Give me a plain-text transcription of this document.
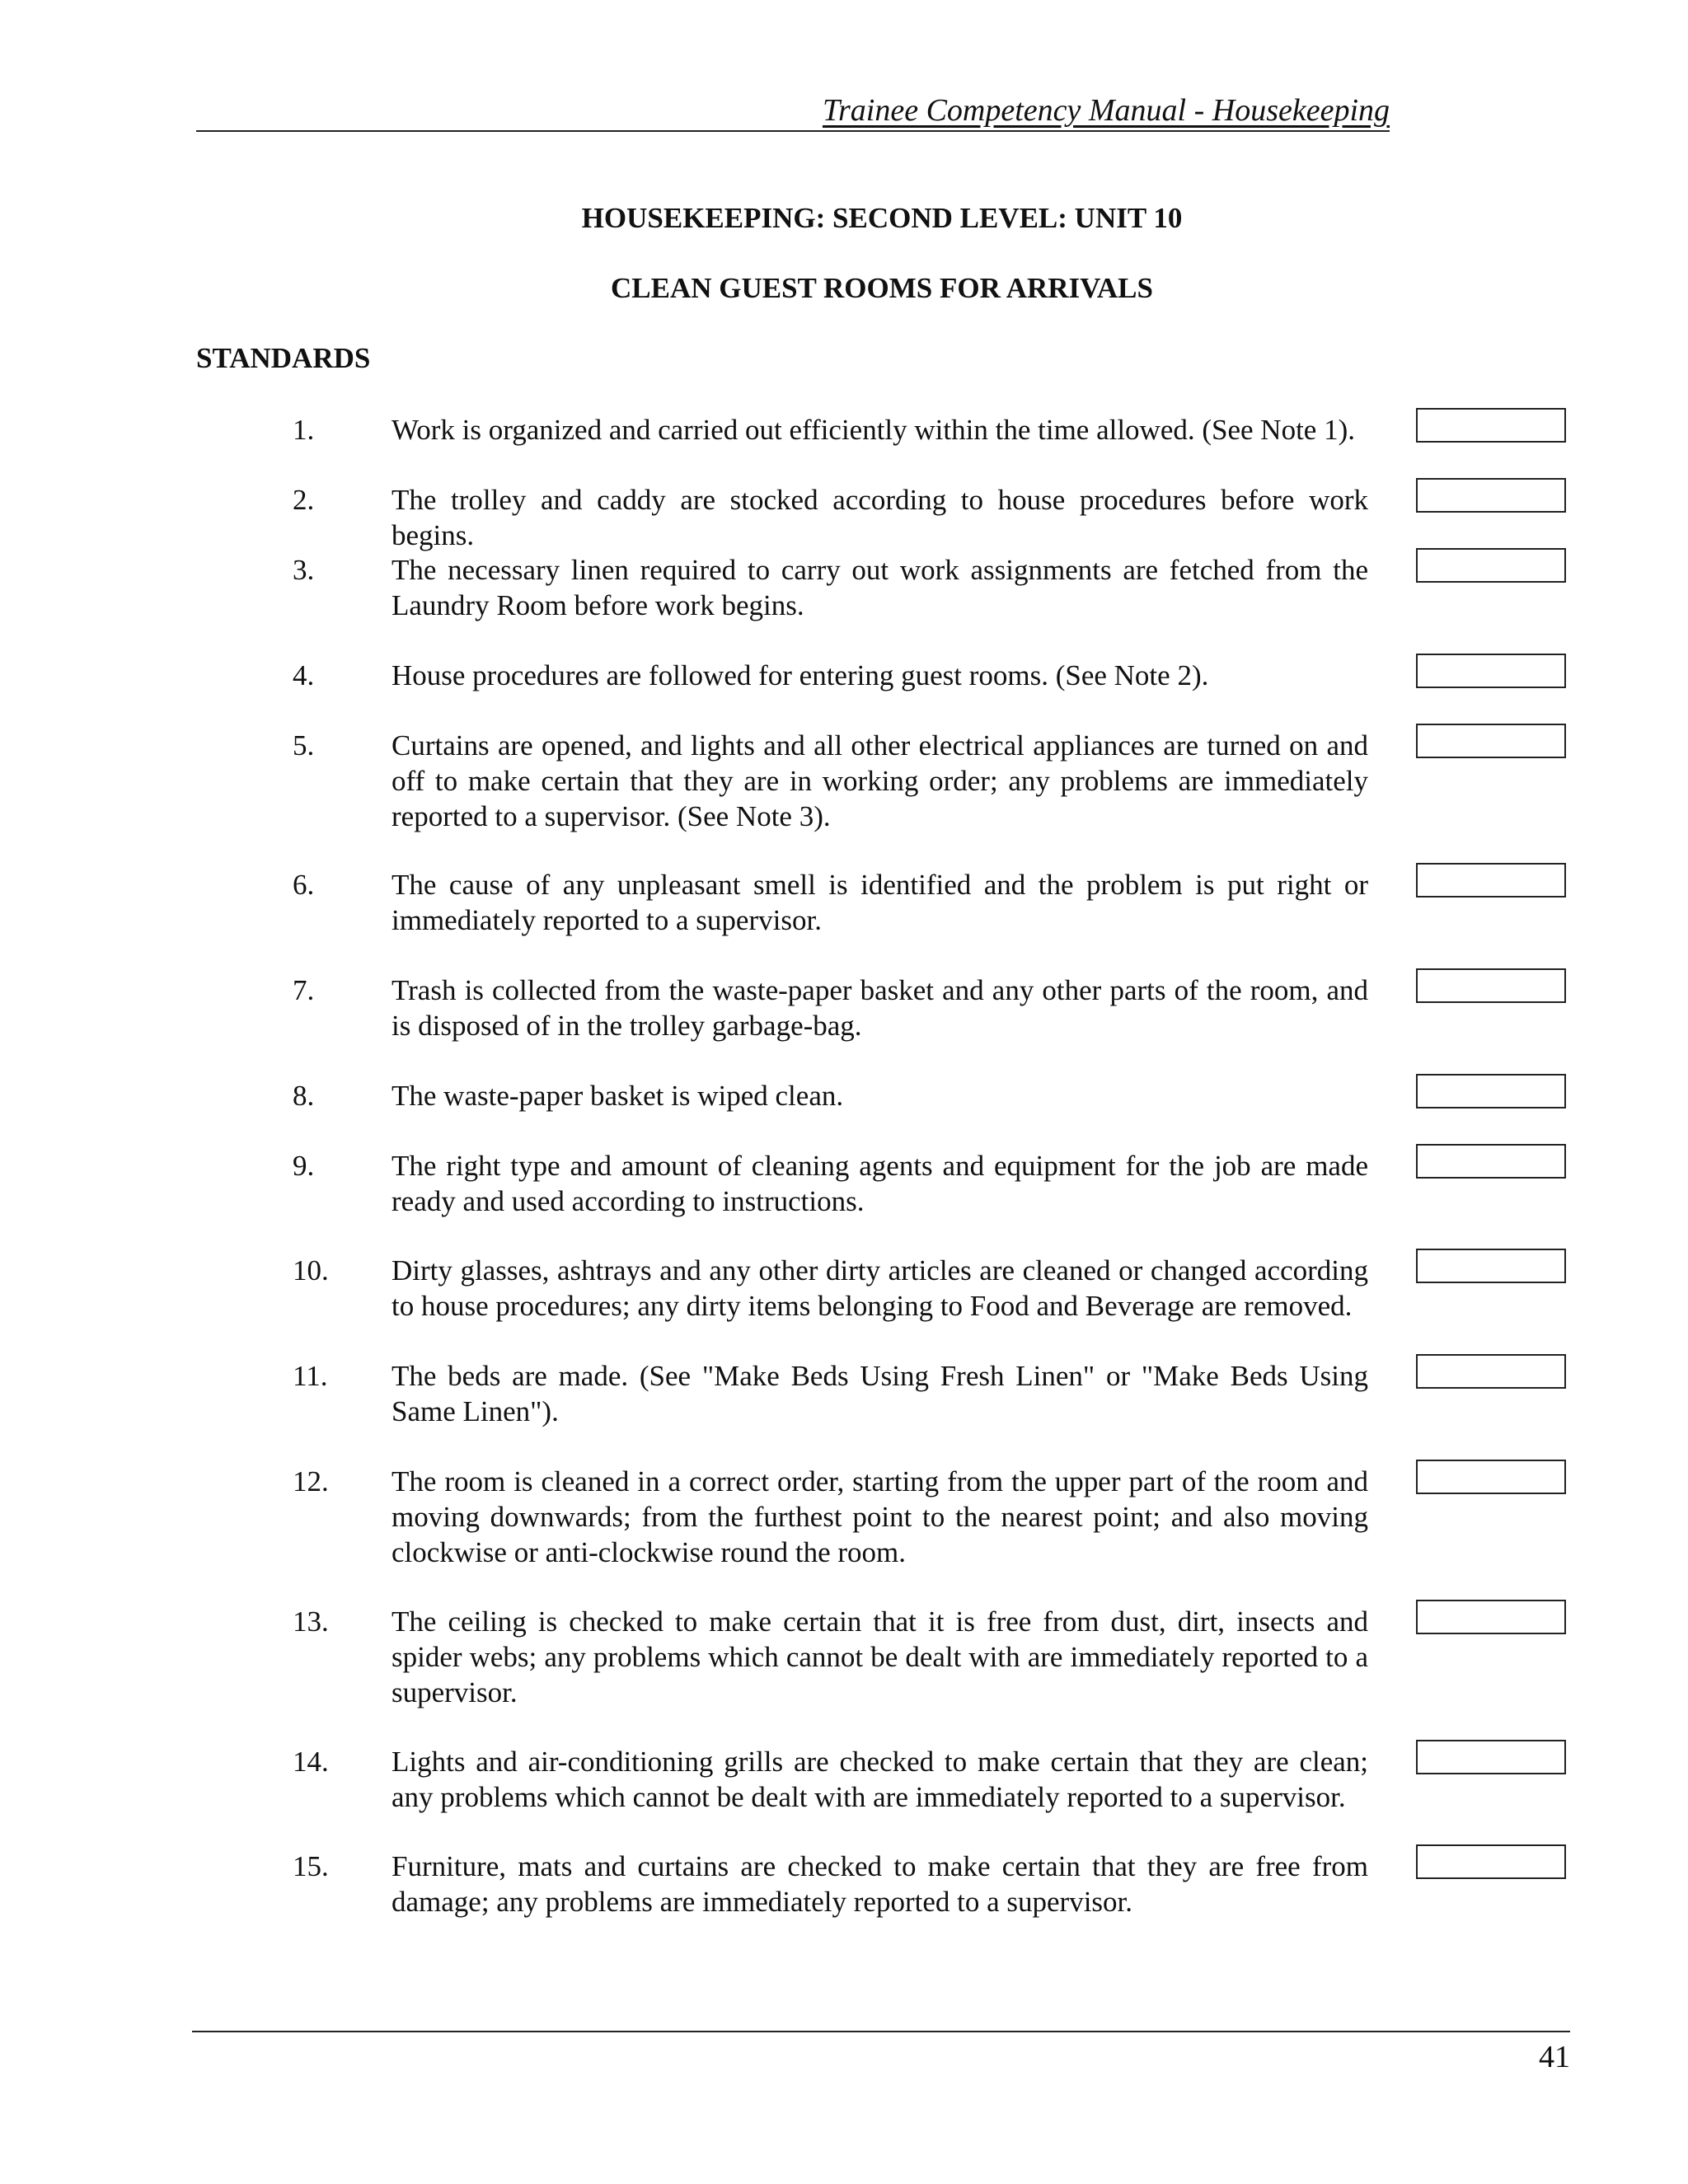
Trainee Competency Manual - Housekeeping
HOUSEKEEPING: SECOND LEVEL: UNIT 10
CLEAN GUEST ROOMS FOR ARRIVALS
STANDARDS
1.	Work is organized and carried out efficiently within the time allowed. (See Note 1).
2.	The trolley and caddy are stocked according to house procedures before work begins.
3.	The necessary linen required to carry out work assignments are fetched from the Laundry Room before work begins.
4.	House procedures are followed for entering guest rooms. (See Note 2).
5.	Curtains are opened, and lights and all other electrical appliances are turned on and off to make certain that they are in working order; any problems are immediately reported to a supervisor. (See Note 3).
6.	The cause of any unpleasant smell is identified and the problem is put right or immediately reported to a supervisor.
7.	Trash is collected from the waste-paper basket and any other parts of the room, and is disposed of in the trolley garbage-bag.
8.	The waste-paper basket is wiped clean.
9.	The right type and amount of cleaning agents and equipment for the job are made ready and used according to instructions.
10. Dirty glasses, ashtrays and any other dirty articles are cleaned or changed according to house procedures; any dirty items belonging to Food and Beverage are removed.
11. The beds are made. (See "Make Beds Using Fresh Linen" or "Make Beds Using Same Linen").
12. The room is cleaned in a correct order, starting from the upper part of the room and moving downwards; from the furthest point to the nearest point; and also moving clockwise or anti-clockwise round the room.
13. The ceiling is checked to make certain that it is free from dust, dirt, insects and spider webs; any problems which cannot be dealt with are immediately reported to a supervisor.
14. Lights and air-conditioning grills are checked to make certain that they are clean; any problems which cannot be dealt with are immediately reported to a supervisor.
15. Furniture, mats and curtains are checked to make certain that they are free from damage; any problems are immediately reported to a supervisor.
41
